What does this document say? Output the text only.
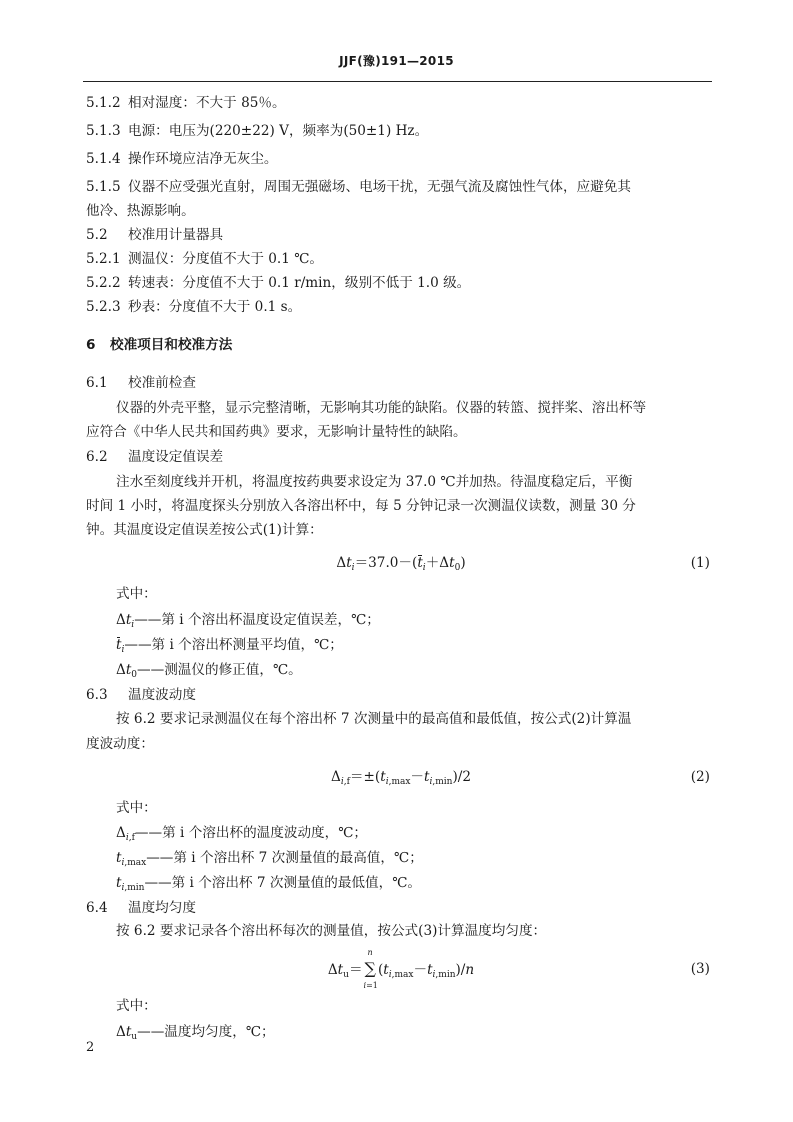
JJF(豫)191—2015
5.1.2 相对湿度：不大于 85％。
5.1.3 电源：电压为(220±22) V，频率为(50±1) Hz。
5.1.4 操作环境应洁净无灰尘。
5.1.5 仪器不应受强光直射，周围无强磁场、电场干扰，无强气流及腐蚀性气体，应避免其
他冷、热源影响。
5.2 校准用计量器具
5.2.1 测温仪：分度值不大于 0.1 ℃。
5.2.2 转速表：分度值不大于 0.1 r/min，级别不低于 1.0 级。
5.2.3 秒表：分度值不大于 0.1 s。
6 校准项目和校准方法
6.1 校准前检查
仪器的外壳平整，显示完整清晰，无影响其功能的缺陷。仪器的转篮、搅拌桨、溶出杯等
应符合《中华人民共和国药典》要求，无影响计量特性的缺陷。
6.2 温度设定值误差
注水至刻度线并开机，将温度按药典要求设定为 37.0 ℃并加热。待温度稳定后，平衡
时间 1 小时，将温度探头分别放入各溶出杯中，每 5 分钟记录一次测温仪读数，测量 30 分
钟。其温度设定值误差按公式(1)计算：
$\Delta t_i=37.0-(t_i+\Delta t_0)$	(1)
式中：
$\Delta t_i——$第 i 个溶出杯温度设定值误差，℃；
$t_i——$第 i 个溶出杯测量平均值，℃；
$\Delta t_0——$测温仪的修正值，℃。
6.3 温度波动度
按 6.2 要求记录测温仪在每个溶出杯 7 次测量中的最高值和最低值，按公式(2)计算温
度波动度：
$\Delta_{i,f}=\pm(t_{i,max}-t_{i,min})/2$	(2)
式中：
$\Delta_{i,f}——$第 i 个溶出杯的温度波动度，℃；
$t_{i,max}——$第 i 个溶出杯 7 次测量值的最高值，℃；
$t_{i,min}——$第 i 个溶出杯 7 次测量值的最低值，℃。
6.4 温度均匀度
按 6.2 要求记录各个溶出杯每次的测量值，按公式(3)计算温度均匀度：
$\Delta t_u=$ ∑
n
i=1
$(t_{i,max}-t_{i,min})/n$	(3)
式中：
$\Delta t_u——$温度均匀度，℃；
2
